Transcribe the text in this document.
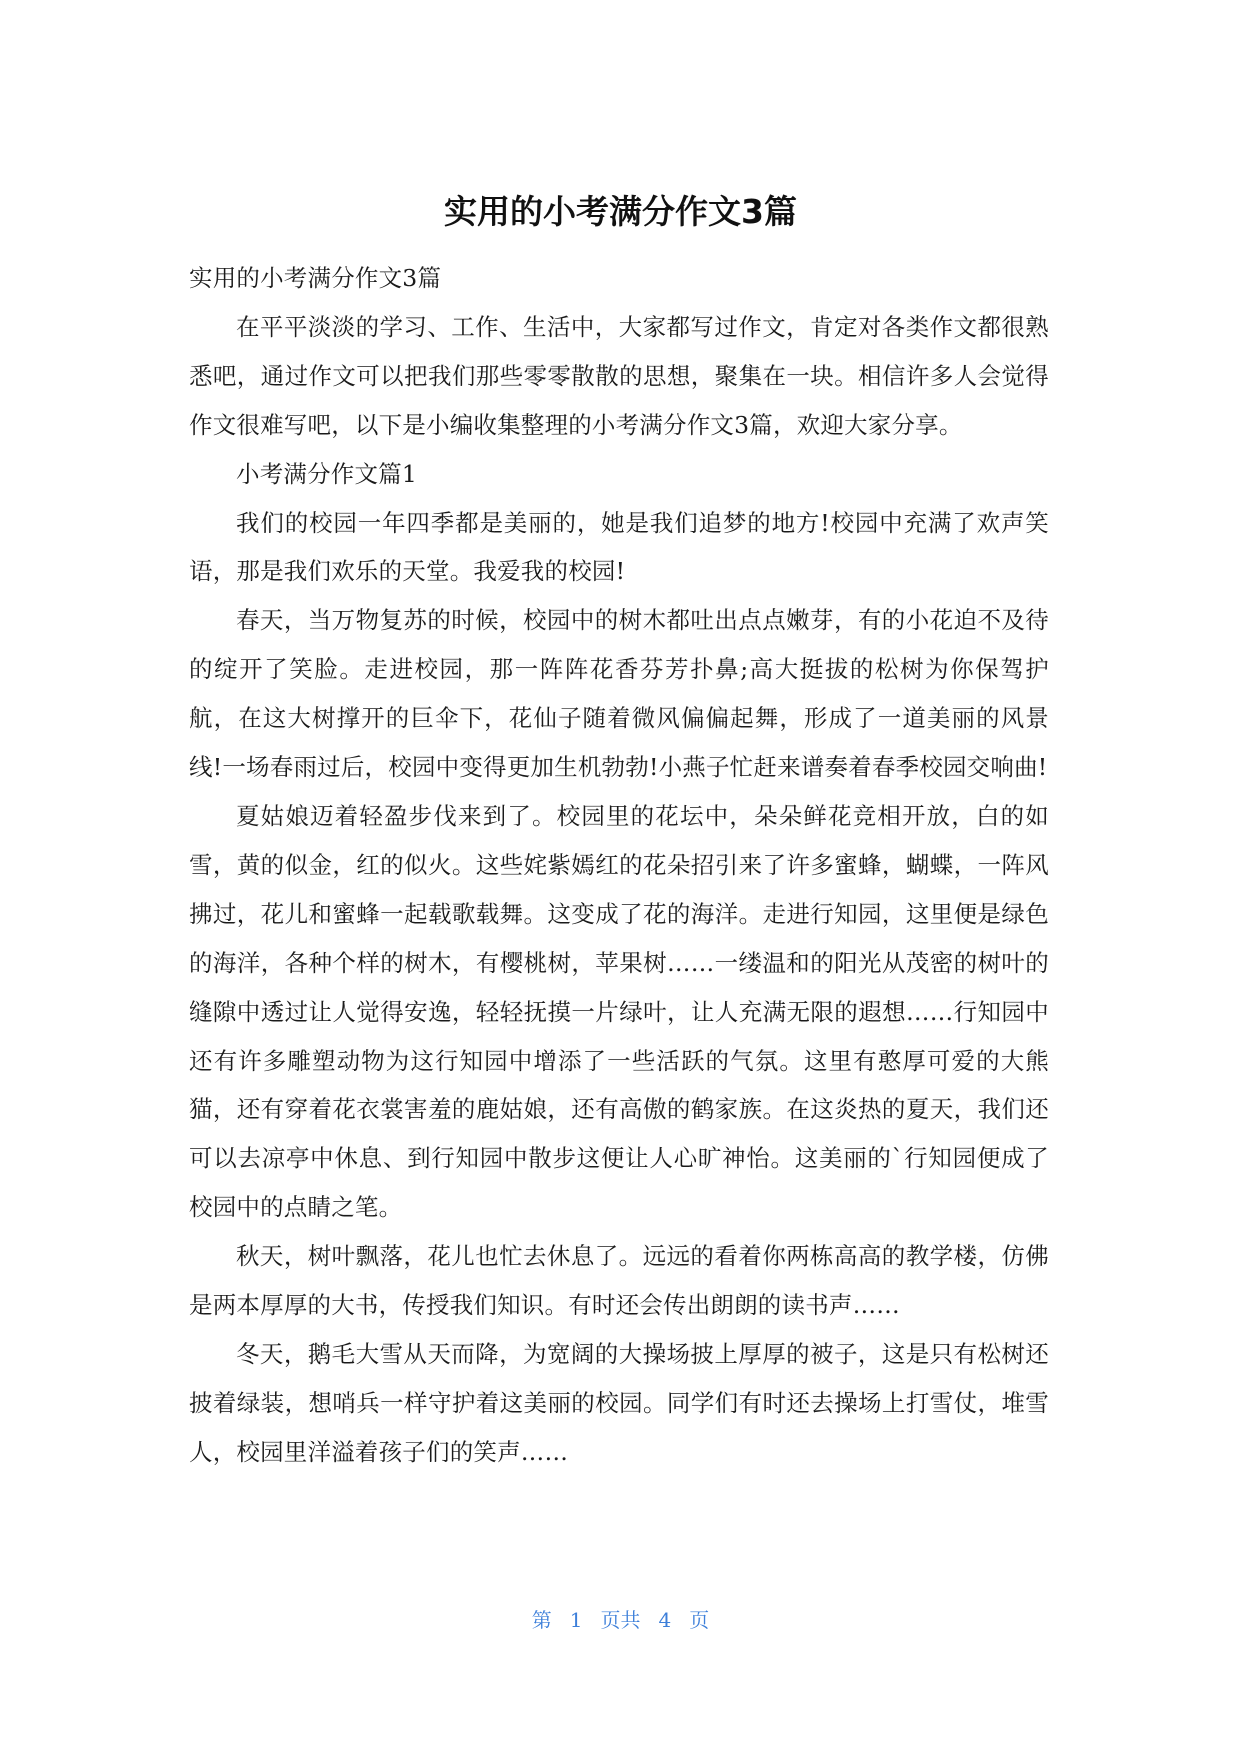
实用的小考满分作文3篇

实用的小考满分作文3篇

在平平淡淡的学习、工作、生活中，大家都写过作文，肯定对各类作文都很熟悉吧，通过作文可以把我们那些零零散散的思想，聚集在一块。相信许多人会觉得作文很难写吧，以下是小编收集整理的小考满分作文3篇，欢迎大家分享。

小考满分作文篇1

我们的校园一年四季都是美丽的，她是我们追梦的地方!校园中充满了欢声笑语，那是我们欢乐的天堂。我爱我的校园!

春天，当万物复苏的时候，校园中的树木都吐出点点嫩芽，有的小花迫不及待的绽开了笑脸。走进校园，那一阵阵花香芬芳扑鼻;高大挺拔的松树为你保驾护航，在这大树撑开的巨伞下，花仙子随着微风偏偏起舞，形成了一道美丽的风景线!一场春雨过后，校园中变得更加生机勃勃!小燕子忙赶来谱奏着春季校园交响曲!

夏姑娘迈着轻盈步伐来到了。校园里的花坛中，朵朵鲜花竞相开放，白的如雪，黄的似金，红的似火。这些姹紫嫣红的花朵招引来了许多蜜蜂，蝴蝶，一阵风拂过，花儿和蜜蜂一起载歌载舞。这变成了花的海洋。走进行知园，这里便是绿色的海洋，各种个样的树木，有樱桃树，苹果树……一缕温和的阳光从茂密的树叶的缝隙中透过让人觉得安逸，轻轻抚摸一片绿叶，让人充满无限的遐想……行知园中还有许多雕塑动物为这行知园中增添了一些活跃的气氛。这里有憨厚可爱的大熊猫，还有穿着花衣裳害羞的鹿姑娘，还有高傲的鹤家族。在这炎热的夏天，我们还可以去凉亭中休息、到行知园中散步这便让人心旷神怡。这美丽的`行知园便成了校园中的点睛之笔。

秋天，树叶飘落，花儿也忙去休息了。远远的看着你两栋高高的教学楼，仿佛是两本厚厚的大书，传授我们知识。有时还会传出朗朗的读书声……

冬天，鹅毛大雪从天而降，为宽阔的大操场披上厚厚的被子，这是只有松树还披着绿装，想哨兵一样守护着这美丽的校园。同学们有时还去操场上打雪仗，堆雪人，校园里洋溢着孩子们的笑声……

第 1 页共 4 页
